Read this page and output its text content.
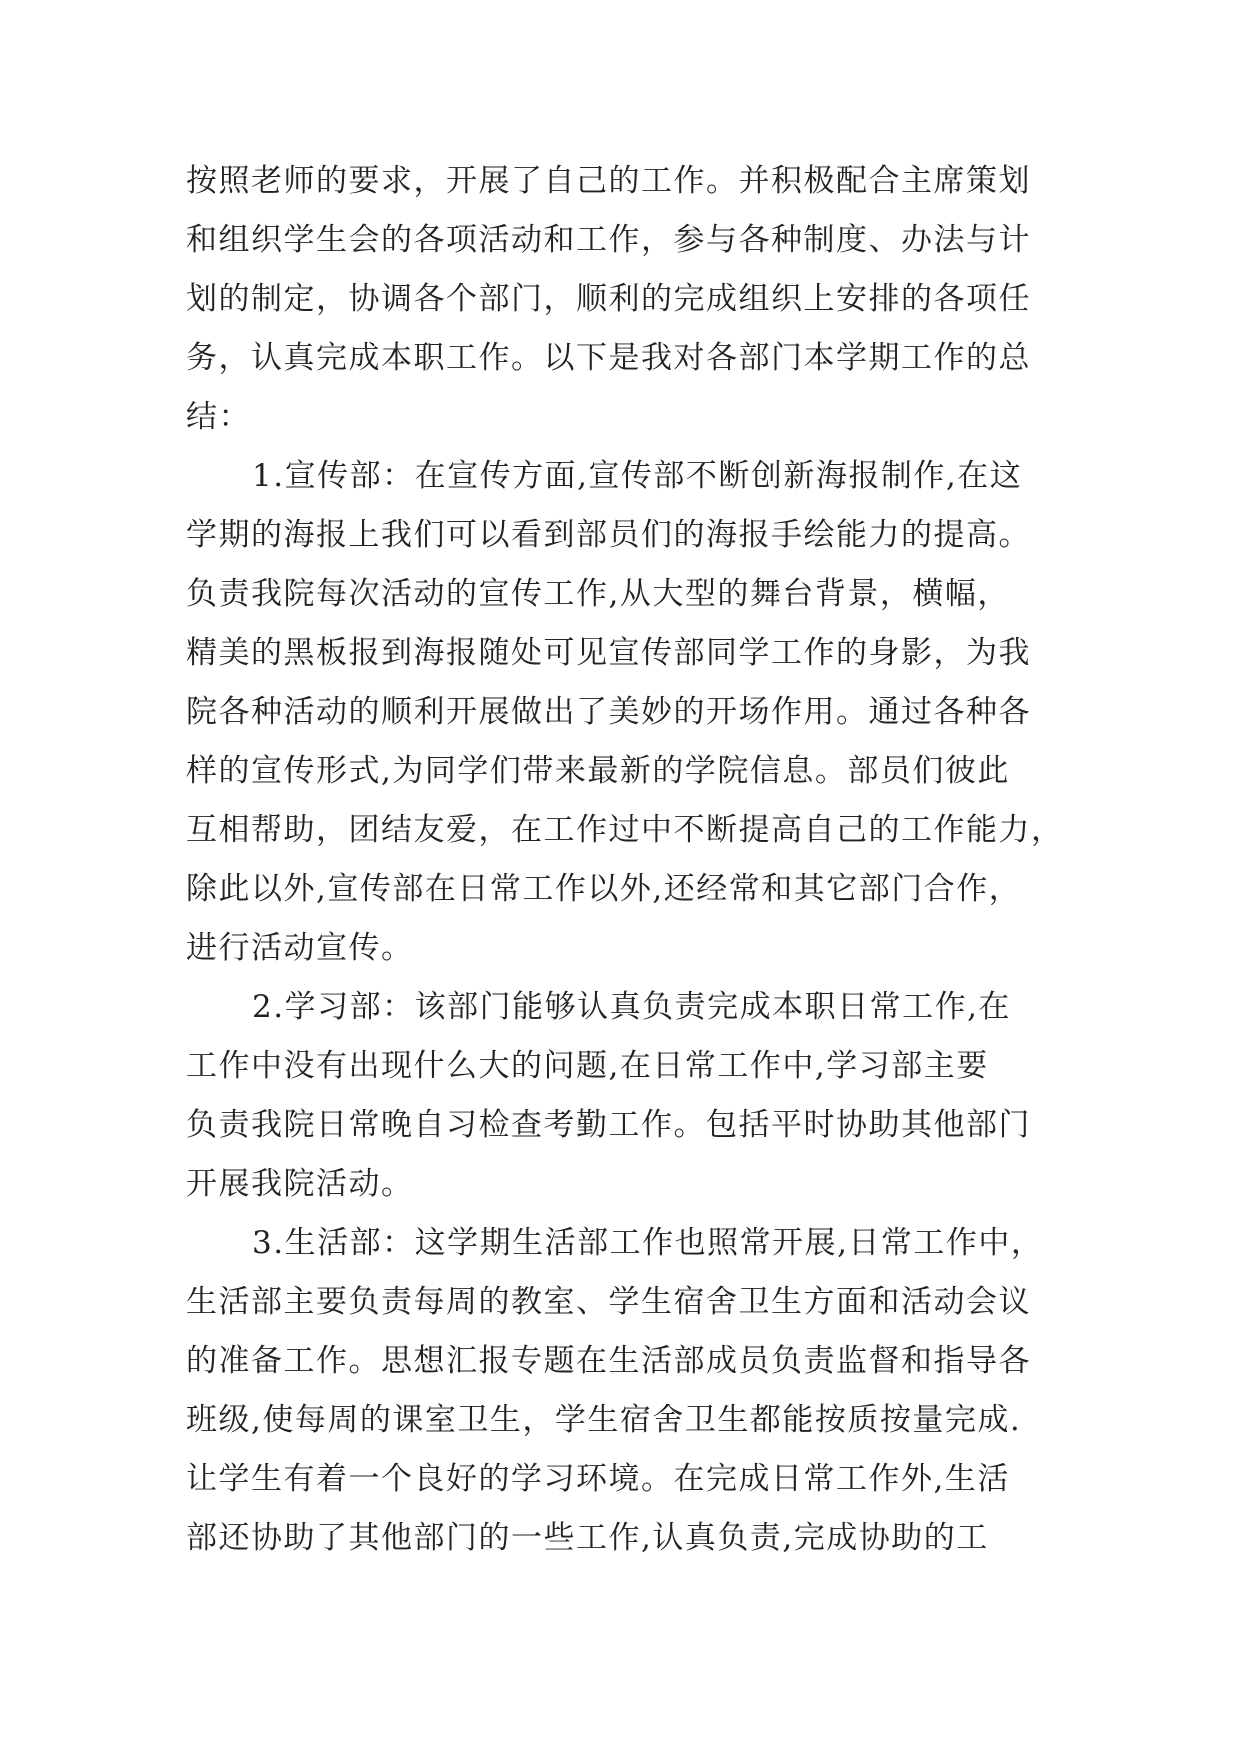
按照老师的要求，开展了自己的工作。并积极配合主席策划
和组织学生会的各项活动和工作，参与各种制度、办法与计
划的制定，协调各个部门，顺利的完成组织上安排的各项任
务，认真完成本职工作。以下是我对各部门本学期工作的总
结：
1.宣传部：在宣传方面,宣传部不断创新海报制作,在这
学期的海报上我们可以看到部员们的海报手绘能力的提高。
负责我院每次活动的宣传工作,从大型的舞台背景，横幅，
精美的黑板报到海报随处可见宣传部同学工作的身影，为我
院各种活动的顺利开展做出了美妙的开场作用。通过各种各
样的宣传形式,为同学们带来最新的学院信息。部员们彼此
互相帮助，团结友爱，在工作过中不断提高自己的工作能力，
除此以外,宣传部在日常工作以外,还经常和其它部门合作，
进行活动宣传。
2.学习部：该部门能够认真负责完成本职日常工作,在
工作中没有出现什么大的问题,在日常工作中,学习部主要
负责我院日常晚自习检查考勤工作。包括平时协助其他部门
开展我院活动。
3.生活部：这学期生活部工作也照常开展,日常工作中，
生活部主要负责每周的教室、学生宿舍卫生方面和活动会议
的准备工作。思想汇报专题在生活部成员负责监督和指导各
班级,使每周的课室卫生，学生宿舍卫生都能按质按量完成.
让学生有着一个良好的学习环境。在完成日常工作外,生活
部还协助了其他部门的一些工作,认真负责,完成协助的工
